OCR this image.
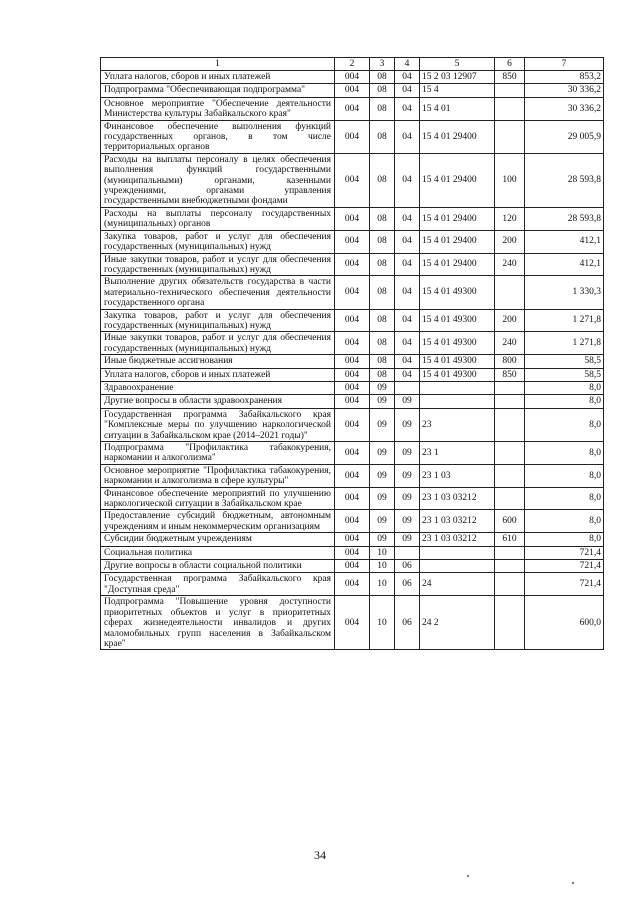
1	2	3	4	5	6	7
Уплата налогов, сборов и иных платежей	004	08	04	15 2 03 12907	850	853,2
Подпрограмма "Обеспечивающая подпрограмма"	004	08	04	15 4		30 336,2
Основное мероприятие "Обеспечение деятельности Министерства культуры Забайкальского края"	004	08	04	15 4 01		30 336,2
Финансовое обеспечение выполнения функций государственных органов, в том числе территориальных органов	004	08	04	15 4 01 29400		29 005,9
Расходы на выплаты персоналу в целях обеспечения выполнения функций государственными (муниципальными) органами, казенными учреждениями, органами управления государственными внебюджетными фондами	004	08	04	15 4 01 29400	100	28 593,8
Расходы на выплаты персоналу государственных (муниципальных) органов	004	08	04	15 4 01 29400	120	28 593,8
Закупка товаров, работ и услуг для обеспечения государственных (муниципальных) нужд	004	08	04	15 4 01 29400	200	412,1
Иные закупки товаров, работ и услуг для обеспечения государственных (муниципальных) нужд	004	08	04	15 4 01 29400	240	412,1
Выполнение других обязательств государства в части материально-технического обеспечения деятельности государственного органа	004	08	04	15 4 01 49300		1 330,3
Закупка товаров, работ и услуг для обеспечения государственных (муниципальных) нужд	004	08	04	15 4 01 49300	200	1 271,8
Иные закупки товаров, работ и услуг для обеспечения государственных (муниципальных) нужд	004	08	04	15 4 01 49300	240	1 271,8
Иные бюджетные ассигнования	004	08	04	15 4 01 49300	800	58,5
Уплата налогов, сборов и иных платежей	004	08	04	15 4 01 49300	850	58,5
Здравоохранение	004	09				8,0
Другие вопросы в области здравоохранения	004	09	09			8,0
Государственная программа Забайкальского края "Комплексные меры по улучшению наркологической ситуации в Забайкальском крае (2014–2021 годы)"	004	09	09	23		8,0
Подпрограмма "Профилактика табакокурения, наркомании и алкоголизма"	004	09	09	23 1		8,0
Основное мероприятие "Профилактика табакокурения, наркомании и алкоголизма в сфере культуры"	004	09	09	23 1 03		8,0
Финансовое обеспечение мероприятий по улучшению наркологической ситуации в Забайкальском крае	004	09	09	23 1 03 03212		8,0
Предоставление субсидий бюджетным, автономным учреждениям и иным некоммерческим организациям	004	09	09	23 1 03 03212	600	8,0
Субсидии бюджетным учреждениям	004	09	09	23 1 03 03212	610	8,0
Социальная политика	004	10				721,4
Другие вопросы в области социальной политики	004	10	06			721,4
Государственная программа Забайкальского края "Доступная среда"	004	10	06	24		721,4
Подпрограмма "Повышение уровня доступности приоритетных объектов и услуг в приоритетных сферах жизнедеятельности инвалидов и других маломобильных групп населения в Забайкальском крае"	004	10	06	24 2		600,0
34
